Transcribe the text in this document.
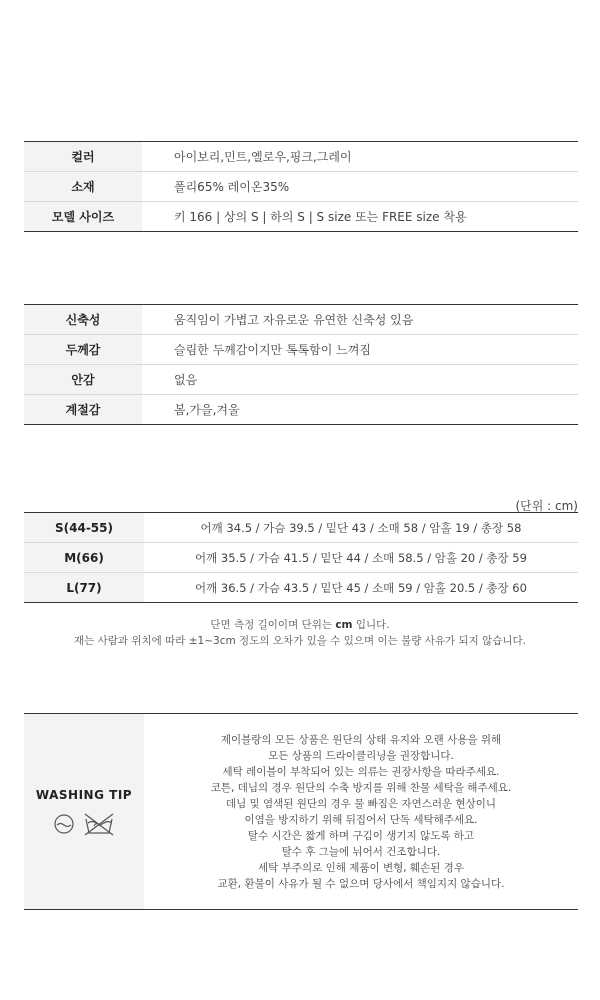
컬러	아이보리,민트,옐로우,핑크,그레이
소재	폴리65% 레이온35%
모델 사이즈	키 166 | 상의 S | 하의 S | S size 또는 FREE size 착용
신축성	움직임이 가볍고 자유로운 유연한 신축성 있음
두께감	슬림한 두께감이지만 톡톡함이 느껴짐
안감	없음
계절감	봄,가을,겨울
(단위 : cm)
S(44-55)	어깨 34.5 / 가슴 39.5 / 밑단 43 / 소매 58 / 암홀 19 / 총장 58
M(66)	어깨 35.5 / 가슴 41.5 / 밑단 44 / 소매 58.5 / 암홀 20 / 총장 59
L(77)	어깨 36.5 / 가슴 43.5 / 밑단 45 / 소매 59 / 암홀 20.5 / 총장 60
단면 측정 길이이며 단위는 cm 입니다.
재는 사람과 위치에 따라 ±1~3cm 정도의 오차가 있을 수 있으며 이는 불량 사유가 되지 않습니다.
WASHING TIP
제이블랑의 모든 상품은 원단의 상태 유지와 오랜 사용을 위해
모든 상품의 드라이클리닝을 권장합니다.
세탁 레이블이 부착되어 있는 의류는 권장사항을 따라주세요.
코튼, 데님의 경우 원단의 수축 방지를 위해 찬물 세탁을 해주세요.
데님 및 염색된 원단의 경우 물 빠짐은 자연스러운 현상이니
이염을 방지하기 위해 뒤집어서 단독 세탁해주세요.
탈수 시간은 짧게 하며 구김이 생기지 않도록 하고
탈수 후 그늘에 뉘어서 건조합니다.
세탁 부주의로 인해 제품이 변형, 훼손된 경우
교환, 환불이 사유가 될 수 없으며 당사에서 책임지지 않습니다.
